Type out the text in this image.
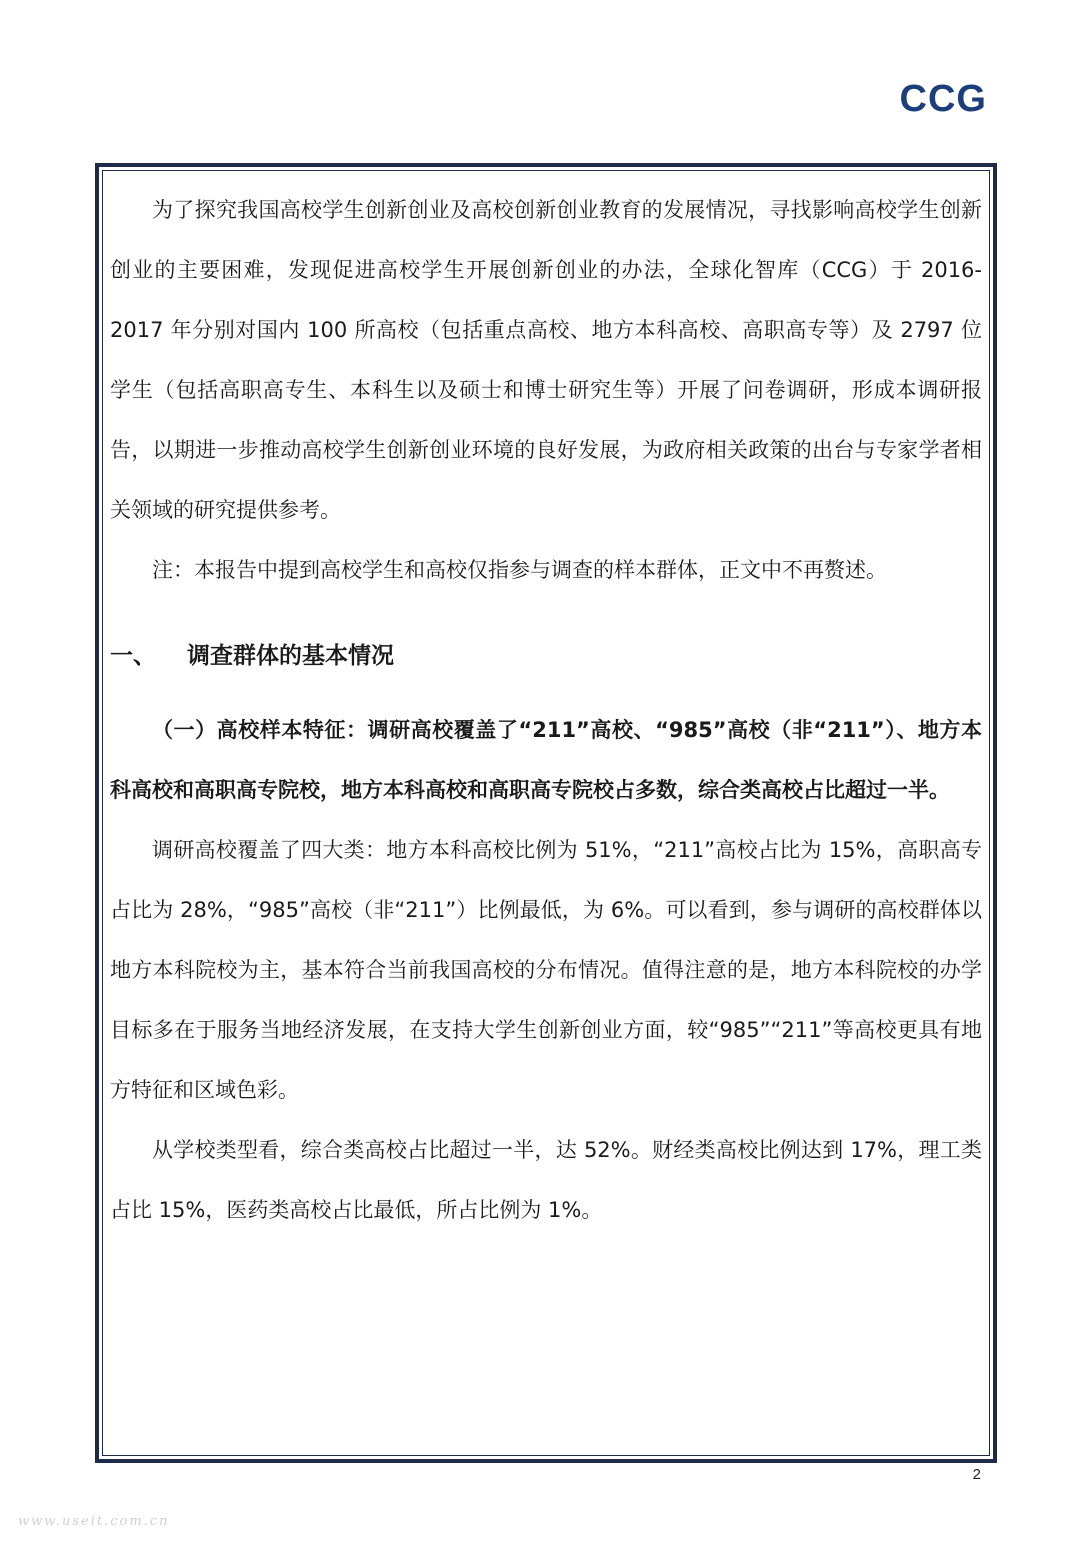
CCG

为了探究我国高校学生创新创业及高校创新创业教育的发展情况，寻找影响高校学生创新创业的主要困难，发现促进高校学生开展创新创业的办法，全球化智库（CCG）于 2016-2017 年分别对国内 100 所高校（包括重点高校、地方本科高校、高职高专等）及 2797 位学生（包括高职高专生、本科生以及硕士和博士研究生等）开展了问卷调研，形成本调研报告，以期进一步推动高校学生创新创业环境的良好发展，为政府相关政策的出台与专家学者相关领域的研究提供参考。

注：本报告中提到高校学生和高校仅指参与调查的样本群体，正文中不再赘述。

一、	调查群体的基本情况

（一）高校样本特征：调研高校覆盖了“211”高校、“985”高校（非“211”）、地方本科高校和高职高专院校，地方本科高校和高职高专院校占多数，综合类高校占比超过一半。

调研高校覆盖了四大类：地方本科高校比例为 51%，“211”高校占比为 15%，高职高专占比为 28%，“985”高校（非“211”）比例最低，为 6%。可以看到，参与调研的高校群体以地方本科院校为主，基本符合当前我国高校的分布情况。值得注意的是，地方本科院校的办学目标多在于服务当地经济发展，在支持大学生创新创业方面，较“985”“211”等高校更具有地方特征和区域色彩。

从学校类型看，综合类高校占比超过一半，达 52%。财经类高校比例达到 17%，理工类占比 15%，医药类高校占比最低，所占比例为 1%。

2
www.useit.com.cn
